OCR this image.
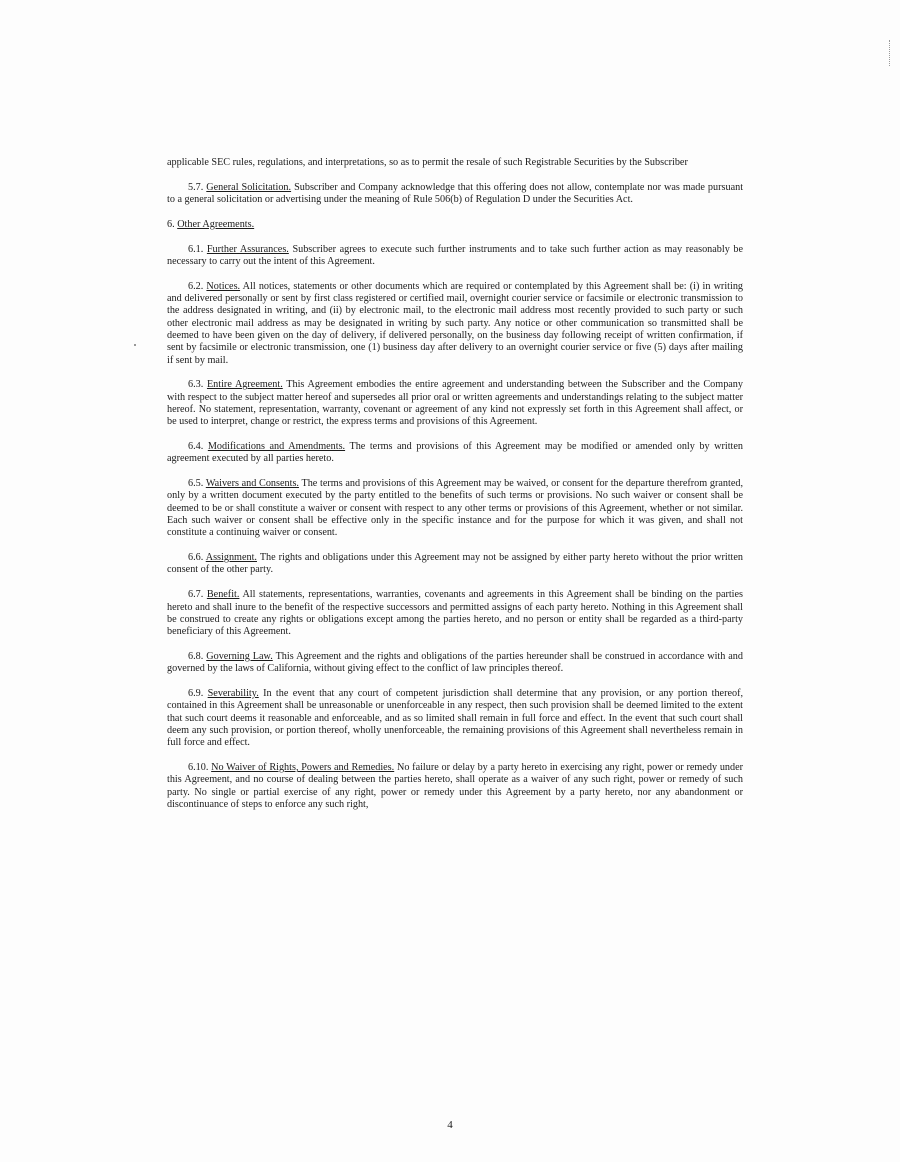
applicable SEC rules, regulations, and interpretations, so as to permit the resale of such Registrable Securities by the Subscriber

5.7. General Solicitation. Subscriber and Company acknowledge that this offering does not allow, contemplate nor was made pursuant to a general solicitation or advertising under the meaning of Rule 506(b) of Regulation D under the Securities Act.

6. Other Agreements.

6.1. Further Assurances. Subscriber agrees to execute such further instruments and to take such further action as may reasonably be necessary to carry out the intent of this Agreement.

6.2. Notices. All notices, statements or other documents which are required or contemplated by this Agreement shall be: (i) in writing and delivered personally or sent by first class registered or certified mail, overnight courier service or facsimile or electronic transmission to the address designated in writing, and (ii) by electronic mail, to the electronic mail address most recently provided to such party or such other electronic mail address as may be designated in writing by such party. Any notice or other communication so transmitted shall be deemed to have been given on the day of delivery, if delivered personally, on the business day following receipt of written confirmation, if sent by facsimile or electronic transmission, one (1) business day after delivery to an overnight courier service or five (5) days after mailing if sent by mail.

6.3. Entire Agreement. This Agreement embodies the entire agreement and understanding between the Subscriber and the Company with respect to the subject matter hereof and supersedes all prior oral or written agreements and understandings relating to the subject matter hereof. No statement, representation, warranty, covenant or agreement of any kind not expressly set forth in this Agreement shall affect, or be used to interpret, change or restrict, the express terms and provisions of this Agreement.

6.4. Modifications and Amendments. The terms and provisions of this Agreement may be modified or amended only by written agreement executed by all parties hereto.

6.5. Waivers and Consents. The terms and provisions of this Agreement may be waived, or consent for the departure therefrom granted, only by a written document executed by the party entitled to the benefits of such terms or provisions. No such waiver or consent shall be deemed to be or shall constitute a waiver or consent with respect to any other terms or provisions of this Agreement, whether or not similar. Each such waiver or consent shall be effective only in the specific instance and for the purpose for which it was given, and shall not constitute a continuing waiver or consent.

6.6. Assignment. The rights and obligations under this Agreement may not be assigned by either party hereto without the prior written consent of the other party.

6.7. Benefit. All statements, representations, warranties, covenants and agreements in this Agreement shall be binding on the parties hereto and shall inure to the benefit of the respective successors and permitted assigns of each party hereto. Nothing in this Agreement shall be construed to create any rights or obligations except among the parties hereto, and no person or entity shall be regarded as a third-party beneficiary of this Agreement.

6.8. Governing Law. This Agreement and the rights and obligations of the parties hereunder shall be construed in accordance with and governed by the laws of California, without giving effect to the conflict of law principles thereof.

6.9. Severability. In the event that any court of competent jurisdiction shall determine that any provision, or any portion thereof, contained in this Agreement shall be unreasonable or unenforceable in any respect, then such provision shall be deemed limited to the extent that such court deems it reasonable and enforceable, and as so limited shall remain in full force and effect. In the event that such court shall deem any such provision, or portion thereof, wholly unenforceable, the remaining provisions of this Agreement shall nevertheless remain in full force and effect.

6.10. No Waiver of Rights, Powers and Remedies. No failure or delay by a party hereto in exercising any right, power or remedy under this Agreement, and no course of dealing between the parties hereto, shall operate as a waiver of any such right, power or remedy of such party. No single or partial exercise of any right, power or remedy under this Agreement by a party hereto, nor any abandonment or discontinuance of steps to enforce any such right,

4
